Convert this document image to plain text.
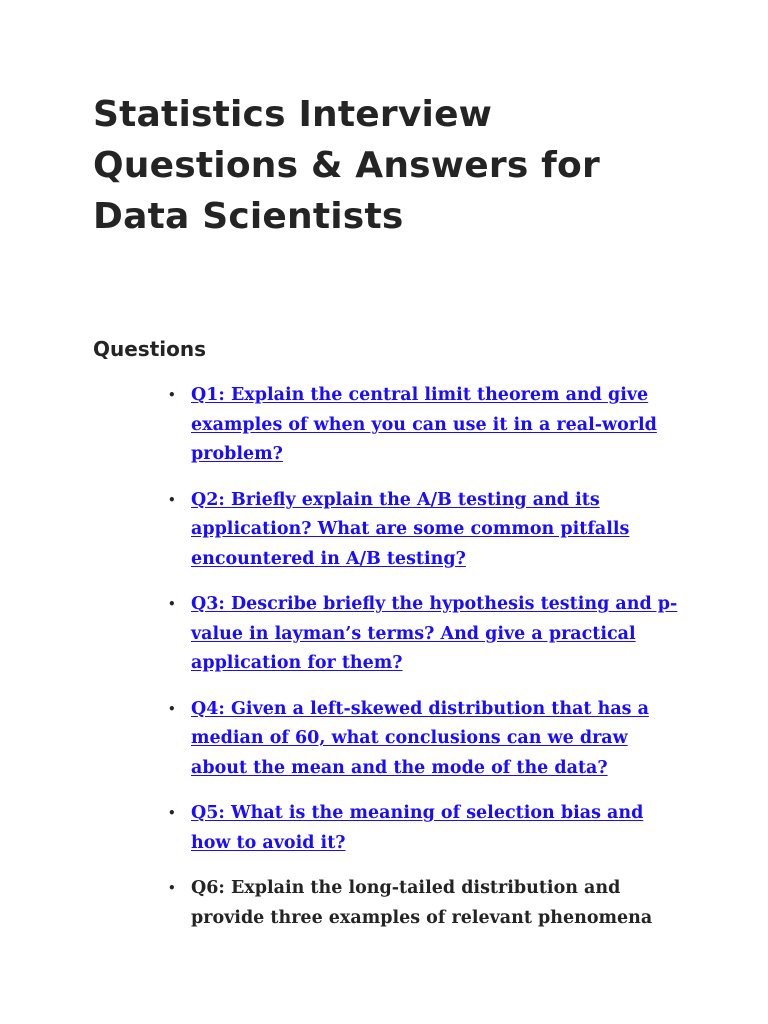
Statistics Interview
Questions & Answers for
Data Scientists
Questions
• Q1: Explain the central limit theorem and give examples of when you can use it in a real-world problem?
• Q2: Briefly explain the A/B testing and its application? What are some common pitfalls encountered in A/B testing?
• Q3: Describe briefly the hypothesis testing and p-value in layman’s terms? And give a practical application for them?
• Q4: Given a left-skewed distribution that has a median of 60, what conclusions can we draw about the mean and the mode of the data?
• Q5: What is the meaning of selection bias and how to avoid it?
• Q6: Explain the long-tailed distribution and provide three examples of relevant phenomena
